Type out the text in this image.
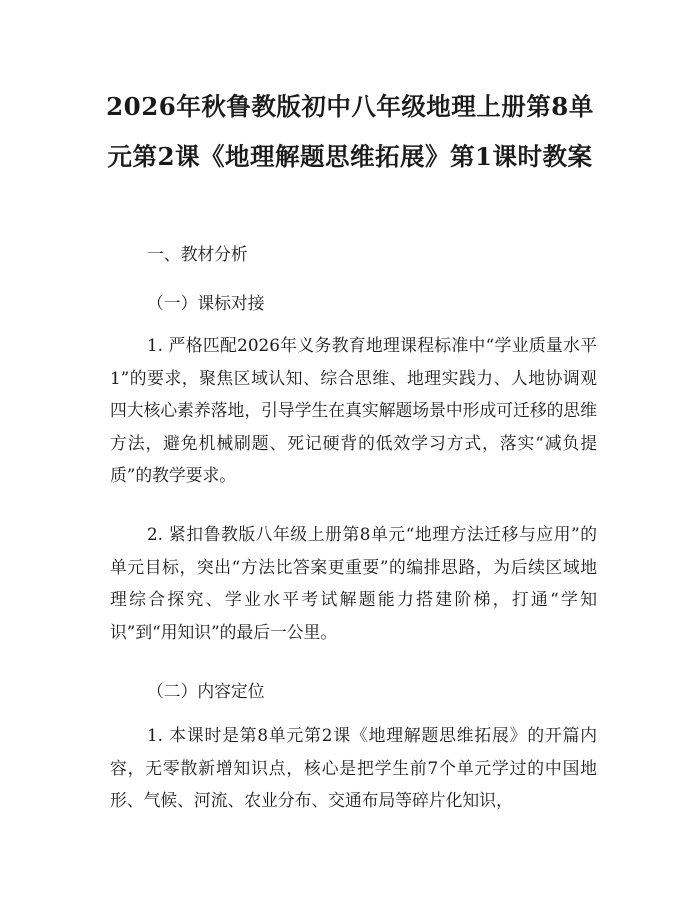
2026年秋鲁教版初中八年级地理上册第8单元第2课《地理解题思维拓展》第1课时教案

一、教材分析

（一）课标对接

1. 严格匹配2026年义务教育地理课程标准中“学业质量水平1”的要求，聚焦区域认知、综合思维、地理实践力、人地协调观四大核心素养落地，引导学生在真实解题场景中形成可迁移的思维方法，避免机械刷题、死记硬背的低效学习方式，落实“减负提质”的教学要求。

2. 紧扣鲁教版八年级上册第8单元“地理方法迁移与应用”的单元目标，突出“方法比答案更重要”的编排思路，为后续区域地理综合探究、学业水平考试解题能力搭建阶梯，打通“学知识”到“用知识”的最后一公里。

（二）内容定位

1. 本课时是第8单元第2课《地理解题思维拓展》的开篇内容，无零散新增知识点，核心是把学生前7个单元学过的中国地形、气候、河流、农业分布、交通布局等碎片化知识，
